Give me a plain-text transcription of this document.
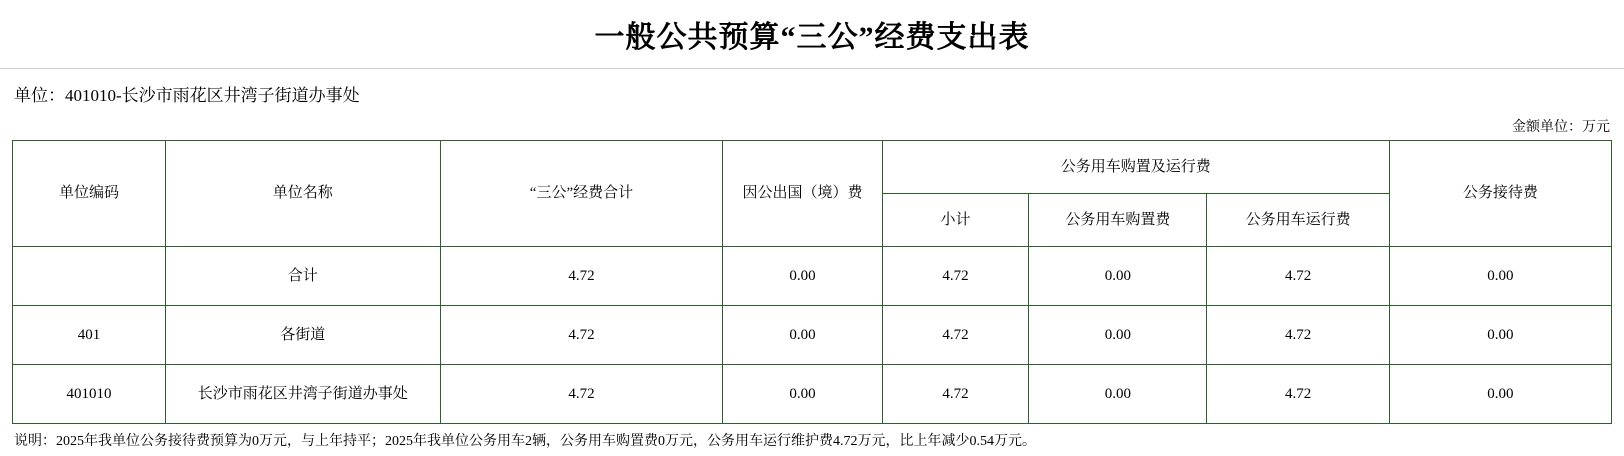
一般公共预算“三公”经费支出表
单位：401010-长沙市雨花区井湾子街道办事处
金额单位：万元
单位编码	单位名称	“三公”经费合计	因公出国（境）费	公务用车购置及运行费			公务接待费
				小计	公务用车购置费	公务用车运行费	
	合计	4.72	0.00	4.72	0.00	4.72	0.00
401	各街道	4.72	0.00	4.72	0.00	4.72	0.00
401010	长沙市雨花区井湾子街道办事处	4.72	0.00	4.72	0.00	4.72	0.00
说明：2025年我单位公务接待费预算为0万元，与上年持平；2025年我单位公务用车2辆，公务用车购置费0万元，公务用车运行维护费4.72万元，比上年减少0.54万元。
